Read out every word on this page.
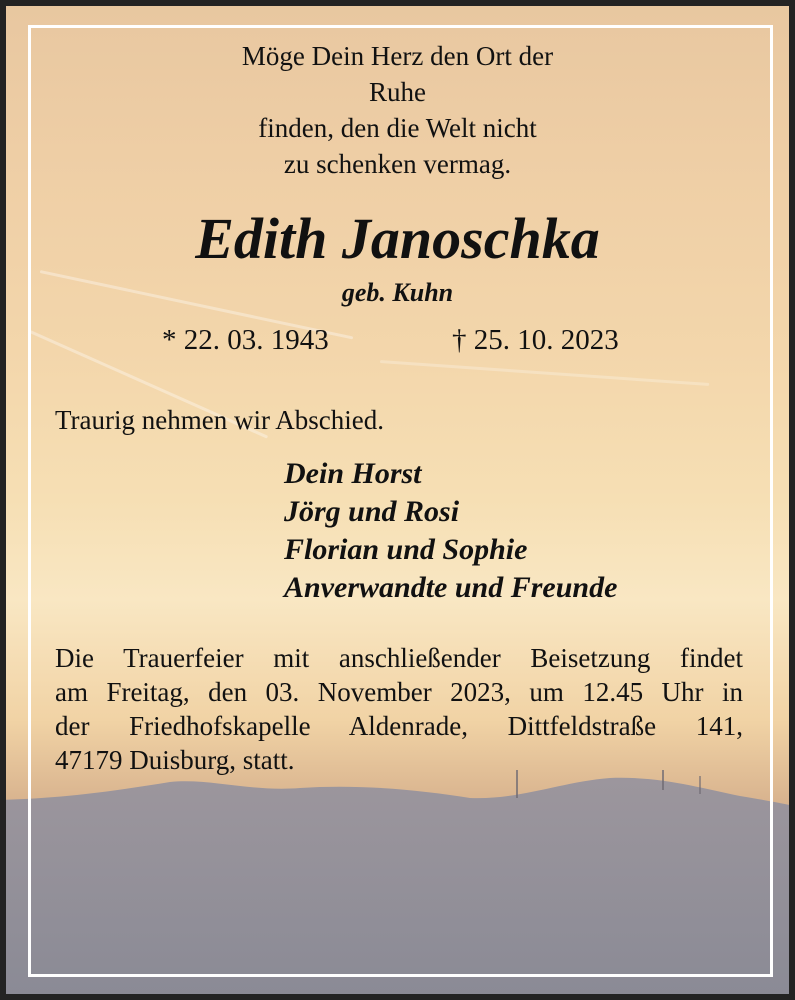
Möge Dein Herz den Ort der
Ruhe
finden, den die Welt nicht
zu schenken vermag.
Edith Janoschka
geb. Kuhn
* 22. 03. 1943	† 25. 10. 2023
Traurig nehmen wir Abschied.
Dein Horst
Jörg und Rosi
Florian und Sophie
Anverwandte und Freunde
Die Trauerfeier mit anschließender Beisetzung findet
am Freitag, den 03. November 2023, um 12.45 Uhr in
der Friedhofskapelle Aldenrade, Dittfeldstraße 141,
47179 Duisburg, statt.
